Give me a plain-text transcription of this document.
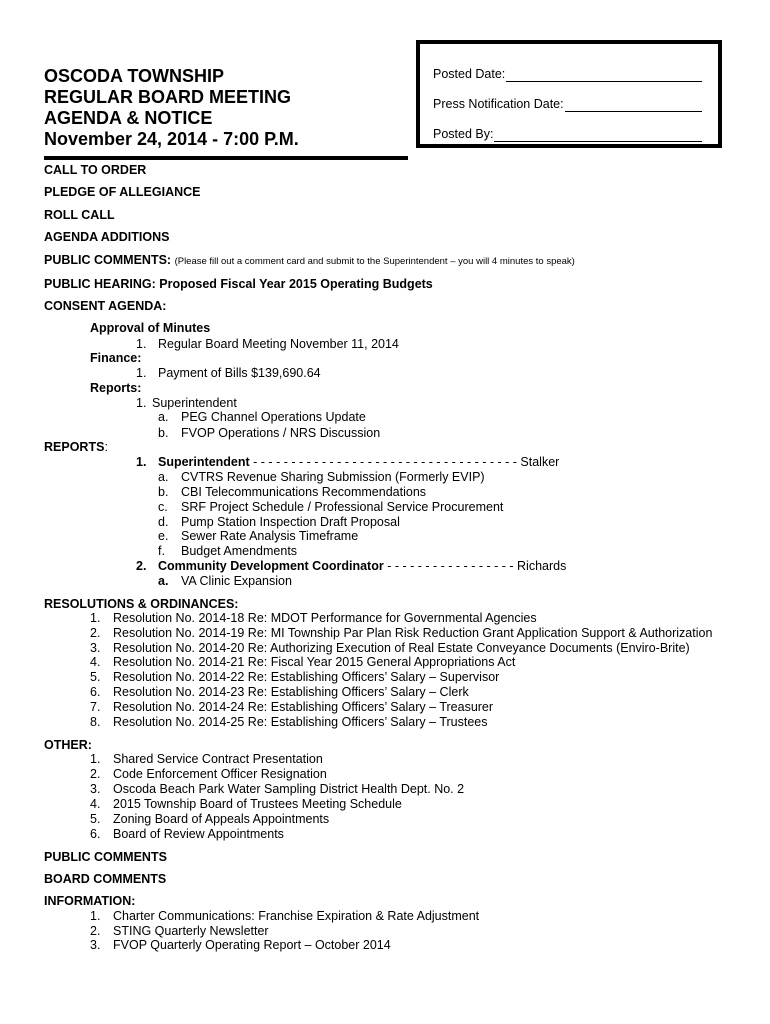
OSCODA TOWNSHIP
REGULAR BOARD MEETING
AGENDA & NOTICE
November 24, 2014 - 7:00 P.M.
Posted Date:
Press Notification Date:
Posted By:
CALL TO ORDER
PLEDGE OF ALLEGIANCE
ROLL CALL
AGENDA ADDITIONS
PUBLIC COMMENTS: (Please fill out a comment card and submit to the Superintendent – you will 4 minutes to speak)
PUBLIC HEARING: Proposed Fiscal Year 2015 Operating Budgets
CONSENT AGENDA:
Approval of Minutes
1. Regular Board Meeting November 11, 2014
Finance:
1. Payment of Bills $139,690.64
Reports:
1. Superintendent
a. PEG Channel Operations Update
b. FVOP Operations / NRS Discussion
REPORTS:
1. Superintendent - - - - - - - - - - - - - - - - - - - - - - - - - - - - - - - - - - - Stalker
a. CVTRS Revenue Sharing Submission (Formerly EVIP)
b. CBI Telecommunications Recommendations
c. SRF Project Schedule / Professional Service Procurement
d. Pump Station Inspection Draft Proposal
e. Sewer Rate Analysis Timeframe
f. Budget Amendments
2. Community Development Coordinator - - - - - - - - - - - - - - - - - Richards
a. VA Clinic Expansion
RESOLUTIONS & ORDINANCES:
1. Resolution No. 2014-18 Re: MDOT Performance for Governmental Agencies
2. Resolution No. 2014-19 Re: MI Township Par Plan Risk Reduction Grant Application Support & Authorization
3. Resolution No. 2014-20 Re: Authorizing Execution of Real Estate Conveyance Documents (Enviro-Brite)
4. Resolution No. 2014-21 Re: Fiscal Year 2015 General Appropriations Act
5. Resolution No. 2014-22 Re: Establishing Officers’ Salary – Supervisor
6. Resolution No. 2014-23 Re: Establishing Officers’ Salary – Clerk
7. Resolution No. 2014-24 Re: Establishing Officers’ Salary – Treasurer
8. Resolution No. 2014-25 Re: Establishing Officers’ Salary – Trustees
OTHER:
1. Shared Service Contract Presentation
2. Code Enforcement Officer Resignation
3. Oscoda Beach Park Water Sampling District Health Dept. No. 2
4. 2015 Township Board of Trustees Meeting Schedule
5. Zoning Board of Appeals Appointments
6. Board of Review Appointments
PUBLIC COMMENTS
BOARD COMMENTS
INFORMATION:
1. Charter Communications: Franchise Expiration & Rate Adjustment
2. STING Quarterly Newsletter
3. FVOP Quarterly Operating Report – October 2014
